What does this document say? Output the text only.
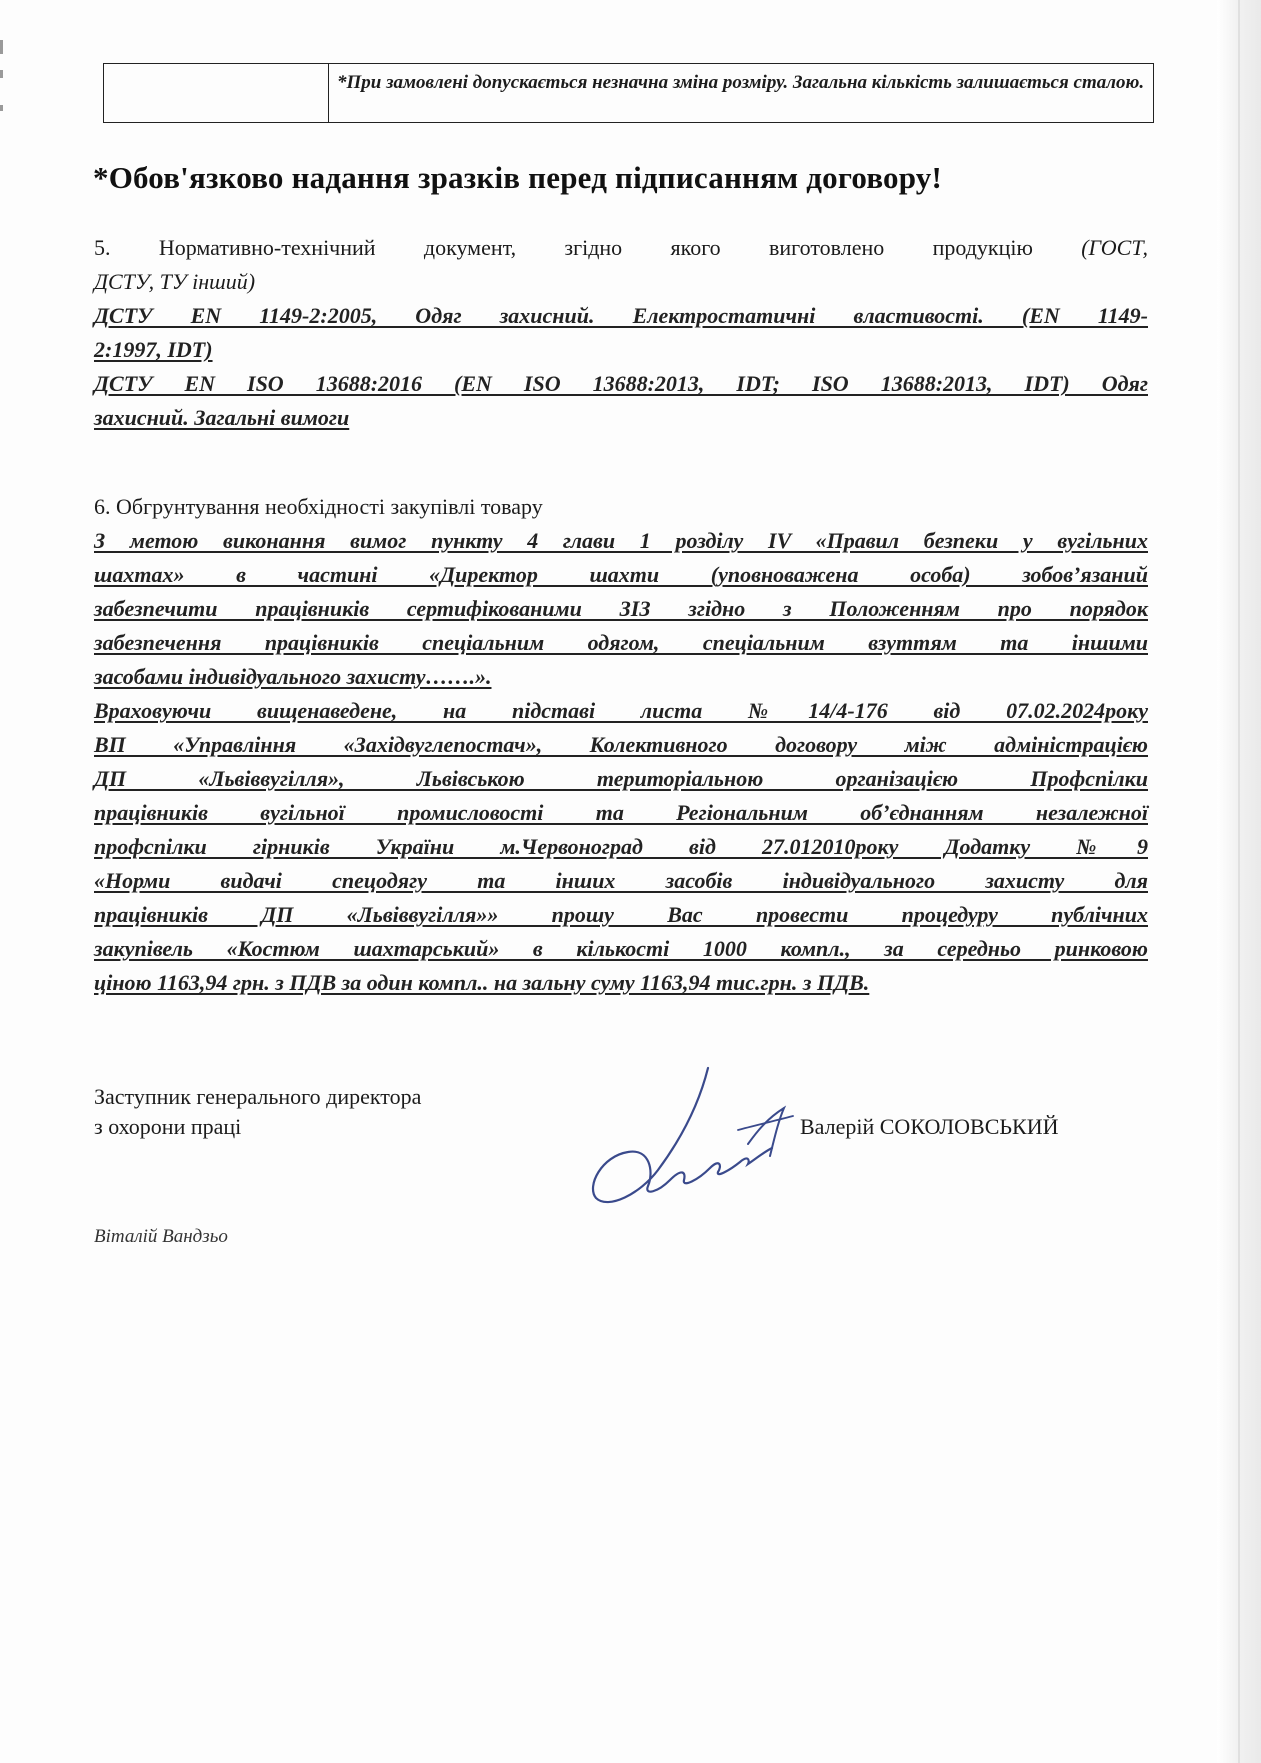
*При замовлені допускається незначна зміна розміру. Загальна кількість залишається сталою.
*Обов'язково надання зразків перед підписанням договору!
5. Нормативно-технічний документ, згідно якого виготовлено продукцію (ГОСТ,
ДСТУ, ТУ інший)
ДСТУ EN 1149-2:2005, Одяг захисний. Електростатичні властивості. (EN 1149-
2:1997, IDT)
ДСТУ EN ISO 13688:2016 (EN ISO 13688:2013, IDT; ISO 13688:2013, IDT) Одяг
захисний. Загальні вимоги
6. Обгрунтування необхідності закупівлі товару
З метою виконання вимог пункту 4 глави 1 розділу IV «Правил безпеки у вугільних
шахтах» в частині «Директор шахти (уповноважена особа) зобов’язаний
забезпечити працівників сертифікованими ЗІЗ згідно з Положенням про порядок
забезпечення працівників спеціальним одягом, спеціальним взуттям та іншими
засобами індивідуального захисту…….».
Враховуючи вищенаведене, на підставі листа №14/4-176 від 07.02.2024року
ВП «Управління «Західвуглепостач», Колективного договору між адміністрацією
ДП «Львіввугілля», Львівською територіальною організацією Профспілки
працівників вугільної промисловості та Регіональним об’єднанням незалежної
профспілки гірників України м.Червоноград від 27.012010року Додатку №9
«Норми видачі спецодягу та інших засобів індивідуального захисту для
працівників ДП «Львіввугілля»» прошу Вас провести процедуру публічних
закупівель «Костюм шахтарський» в кількості 1000 компл., за середньо ринковою
ціною 1163,94 грн. з ПДВ за один компл.. на зальну суму 1163,94 тис.грн. з ПДВ.
Заступник генерального директора
з охорони праці	Валерій СОКОЛОВСЬКИЙ
Віталій Вандзьо
